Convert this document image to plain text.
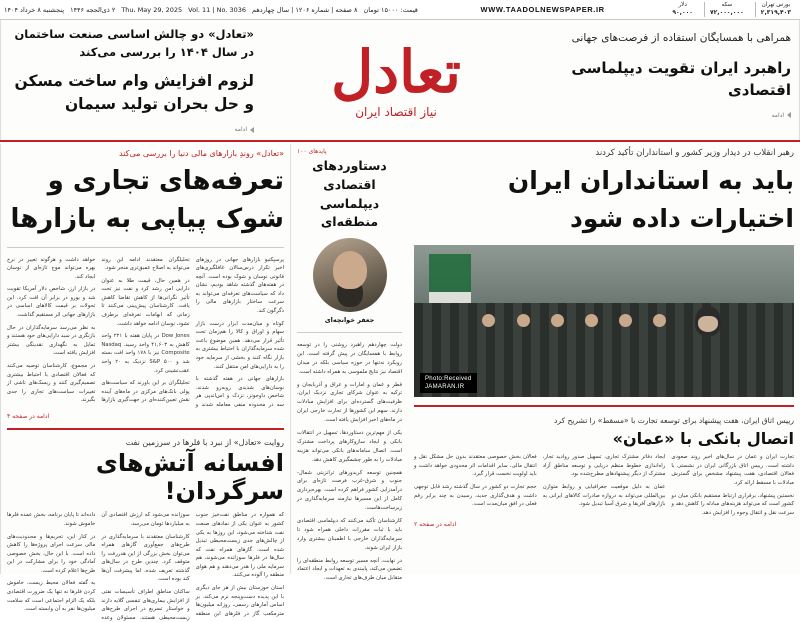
بورس تهران
۲,۳۱۹,۴۰۳
سکه
۷۲,۰۰۰,۰۰۰
دلار
۹۰,۰۰۰
WWW.TAADOLNEWSPAPER.IR
قیمت: ۱۵۰۰۰ تومان
۸ صفحه | شماره ۱۲۰۶ | سال چهاردهم
Vol. 11 | No. 3036
Thu، May 29, 2025
۲ ذی‌الحجه ۱۴۴۶
پنجشنبه ۸ خرداد ۱۴۰۴
«تعادل» دو چالش اساسی صنعت ساختمان در سال ۱۴۰۴ را بررسی می‌کند
لزوم افزایش وام ساخت مسکن و حل بحران تولید سیمان
ادامه
تعادل
نیاز اقتصاد ایران
همراهی با همسایگان استفاده از فرصت‌های جهانی
راهبرد ایران تقویت دیپلماسی اقتصادی
ادامه
«تعادل» روندِ بازارهای مالی دنیا را بررسی می‌کند
تعرفه‌های تجاری و شوک پیاپی به بازارها

پرسپکتیو بازارهای جهانی در روزهای اخیر تکرار درس‌سالان غافلگیری‌های قانونی نوسان و شوک بوده است. آنچه در هفته‌های گذشته شاهد بودیم، نشان داد که سیاست‌های تعرفه‌ای می‌تواند به سرعت ساختار بازارهای مالی را دگرگون کند.

کوتاه و میان‌مدت ابزار درست بازار سهام و اوراق و کالا را هم‌زمان تحت تأثیر قرار می‌دهد. همین موضوع باعث شده سرمایه‌گذاران با احتیاط بیشتری به بازار نگاه کنند و بخشی از سرمایه خود را به دارایی‌های امن منتقل کنند.

بازارهای جهانی در هفته گذشته با نوسان‌های شدیدی روبه‌رو شدند. شاخص داوجونز، نزدک و اس‌اندپی هر سه در محدوده منفی معامله شدند و تحلیلگران معتقدند ادامه این روند می‌تواند به اصلاح عمیق‌تری منجر شود.

در همین حال، قیمت طلا به عنوان دارایی امن رشد کرد و نفت نیز تحت تأثیر نگرانی‌ها از کاهش تقاضا کاهش یافت. کارشناسان پیش‌بینی می‌کنند تا زمانی که ابهامات تعرفه‌ای برطرف نشود، نوسان ادامه خواهد داشت.

Dow Jones در پایان هفته با ۲۲۱ واحد کاهش به ۴۱,۶۰۳ واحد رسید. Nasdaq Composite نیز با ۱۷۸ واحد افت بسته شد و S&P ۵۰۰ نزدیک به ۲۰ واحد عقب‌نشینی کرد.

تحلیلگران بر این باورند که سیاست‌های پولی بانک‌های مرکزی در ماه‌های آینده نقش تعیین‌کننده‌ای در جهت‌گیری بازارها خواهد داشت و هرگونه تغییر در نرخ بهره می‌تواند موج تازه‌ای از نوسان ایجاد کند.

در بازار ارز، شاخص دلار آمریکا تقویت شد و یورو در برابر آن افت کرد. این تحولات بر قیمت کالاهای اساسی در بازارهای جهانی اثر مستقیم گذاشت.

به نظر می‌رسد سرمایه‌گذاران در حال بازنگری در سبد دارایی‌های خود هستند و تمایل به نگهداری نقدینگی بیشتر افزایش یافته است.

در مجموع، کارشناسان توصیه می‌کنند که فعالان اقتصادی با احتیاط بیشتری تصمیم‌گیری کنند و ریسک‌های ناشی از تغییرات سیاست‌های تجاری را جدی بگیرند.

ادامه در صفحه ۴
روایت «تعادل» از نبرد با فلرها در سرزمین نفت
افسانه آتش‌های سرگردان!

که همواره در مناطق نفت‌خیز جنوب کشور به عنوان یکی از نمادهای صنعت نفت شناخته می‌شود، این روزها به یکی از چالش‌های جدی زیست‌محیطی تبدیل شده است. گازهای همراه نفت که سال‌ها در فلرها سوزانده می‌شوند، هم سرمایه ملی را هدر می‌دهند و هم هوای منطقه را آلوده می‌کنند.

استان خوزستان بیش از هر جای دیگری با این پدیده دست‌وپنجه نرم می‌کند. بر اساس آمارهای رسمی، روزانه میلیون‌ها مترمکعب گاز در فلرهای این منطقه سوزانده می‌شود که ارزش اقتصادی آن به میلیاردها تومان می‌رسد.

کارشناسان معتقدند با سرمایه‌گذاری در طرح‌های جمع‌آوری گازهای همراه می‌توان بخش بزرگی از این هدررفت را متوقف کرد. چندین طرح در سال‌های گذشته تعریف شده، اما پیشرفت آن‌ها کند بوده است.

ساکنان مناطق اطراف تأسیسات نفتی از افزایش بیماری‌های تنفسی گلایه دارند و خواستار تسریع در اجرای طرح‌های زیست‌محیطی هستند. مسئولان وعده داده‌اند تا پایان برنامه، بخش عمده فلرها خاموش شوند.

در کنار این، تحریم‌ها و محدودیت‌های مالی سرعت اجرای پروژه‌ها را کاهش داده است. با این حال، بخش خصوصی آمادگی خود را برای مشارکت در این طرح‌ها اعلام کرده است.

به گفته فعالان محیط زیست، خاموش کردن فلرها نه تنها یک ضرورت اقتصادی بلکه یک الزام اجتماعی است که سلامت میلیون‌ها نفر به آن وابسته است.

پایدهای ۱۰۰
دستاوردهای اقتصادی دیپلماسی منطقه‌ای
جعفر خوانچه‌ای

دولت چهاردهم راهبرد روشنی را در توسعه روابط با همسایگان در پیش گرفته است. این رویکرد نه‌تنها در حوزه سیاسی بلکه در میدان اقتصاد نیز نتایج ملموسی به همراه داشته است.

قطر و عمان و امارات و عراق و آذربایجان و ترکیه به عنوان شرکای تجاری نزدیک ایران، ظرفیت‌های گسترده‌ای برای افزایش مبادلات دارند. سهم این کشورها از تجارت خارجی ایران در ماه‌های اخیر افزایش یافته است.

یکی از مهم‌ترین دستاوردها، تسهیل در انتقالات بانکی و ایجاد سازوکارهای پرداخت مشترک است. اتصال سامانه‌های بانکی می‌تواند هزینه مبادلات را به طور چشمگیری کاهش دهد.

همچنین توسعه کریدورهای ترانزیتی شمال-جنوب و شرق-غرب فرصت تازه‌ای برای درآمدزایی کشور فراهم کرده است. بهره‌برداری کامل از این مسیرها نیازمند سرمایه‌گذاری در زیرساخت‌هاست.

کارشناسان تأکید می‌کنند که دیپلماسی اقتصادی باید با ثبات مقررات داخلی همراه شود تا سرمایه‌گذاران خارجی با اطمینان بیشتری وارد بازار ایران شوند.

در نهایت، آنچه مسیر توسعه روابط منطقه‌ای را تضمین می‌کند، پایبندی به تعهدات و ایجاد اعتماد متقابل میان طرف‌های تجاری است.

رهبر انقلاب در دیدار وزیر کشور و استانداران تأکید کردند
باید به استانداران ایران اختیارات داده شود
Photo:Received
JAMARAN.IR
رییس اتاق ایران، هفت پیشنهاد برای توسعه تجارت با «مسقط» را تشریح کرد
اتصال بانکی با «عمان»

تجارت ایران و عمان در سال‌های اخیر روند صعودی داشته است. رییس اتاق بازرگانی ایران در نشستی با فعالان اقتصادی، هفت پیشنهاد مشخص برای گسترش مبادلات با مسقط ارائه کرد.

نخستین پیشنهاد، برقراری ارتباط مستقیم بانکی میان دو کشور است که می‌تواند هزینه‌های مبادله را کاهش دهد و سرعت نقل و انتقال وجوه را افزایش دهد.

ایجاد دفاتر مشترک تجاری، تسهیل صدور روادید تجار، راه‌اندازی خطوط منظم دریایی و توسعه مناطق آزاد مشترک از دیگر پیشنهادهای مطرح‌شده بود.

عمان به دلیل موقعیت جغرافیایی و روابط متوازن بین‌المللی می‌تواند به دروازه صادرات کالاهای ایرانی به بازارهای آفریقا و شرق آسیا تبدیل شود.

فعالان بخش خصوصی معتقدند بدون حل مشکل نقل و انتقال مالی، سایر اقدامات اثر محدودی خواهد داشت و باید اولویت نخست قرار گیرد.

حجم تجارت دو کشور در سال گذشته رشد قابل توجهی داشت و هدف‌گذاری جدید، رسیدن به چند برابر رقم فعلی در افق میان‌مدت است.

ادامه در صفحه ۲
